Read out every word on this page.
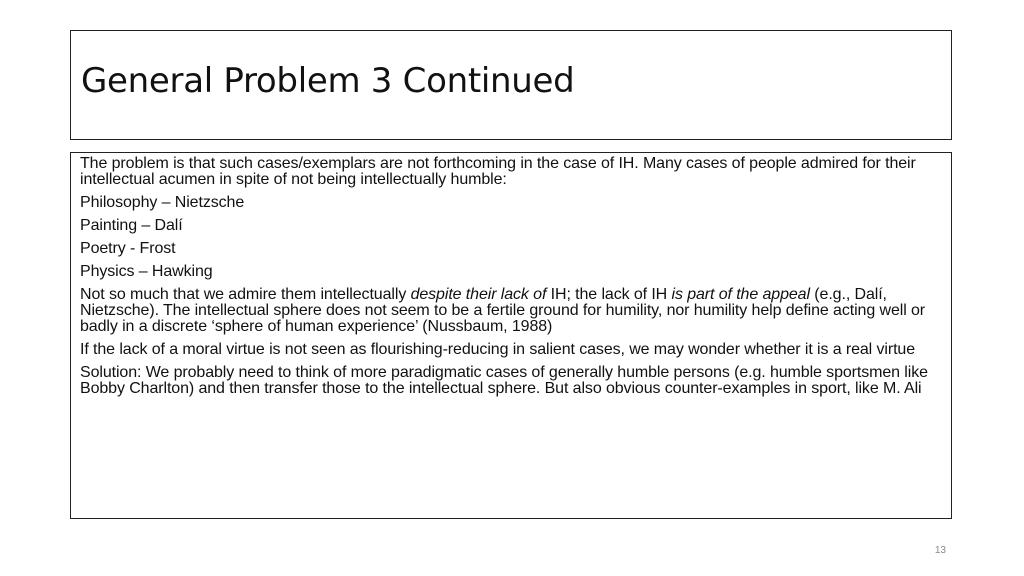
General Problem 3 Continued

The problem is that such cases/exemplars are not forthcoming in the case of IH. Many cases of people admired for their intellectual acumen in spite of not being intellectually humble:

Philosophy – Nietzsche

Painting – Dalí

Poetry - Frost

Physics – Hawking

Not so much that we admire them intellectually despite their lack of IH; the lack of IH is part of the appeal (e.g., Dalí, Nietzsche). The intellectual sphere does not seem to be a fertile ground for humility, nor humility help define acting well or badly in a discrete ‘sphere of human experience’ (Nussbaum, 1988)

If the lack of a moral virtue is not seen as flourishing-reducing in salient cases, we may wonder whether it is a real virtue

Solution: We probably need to think of more paradigmatic cases of generally humble persons (e.g. humble sportsmen like Bobby Charlton) and then transfer those to the intellectual sphere. But also obvious counter-examples in sport, like M. Ali

13
